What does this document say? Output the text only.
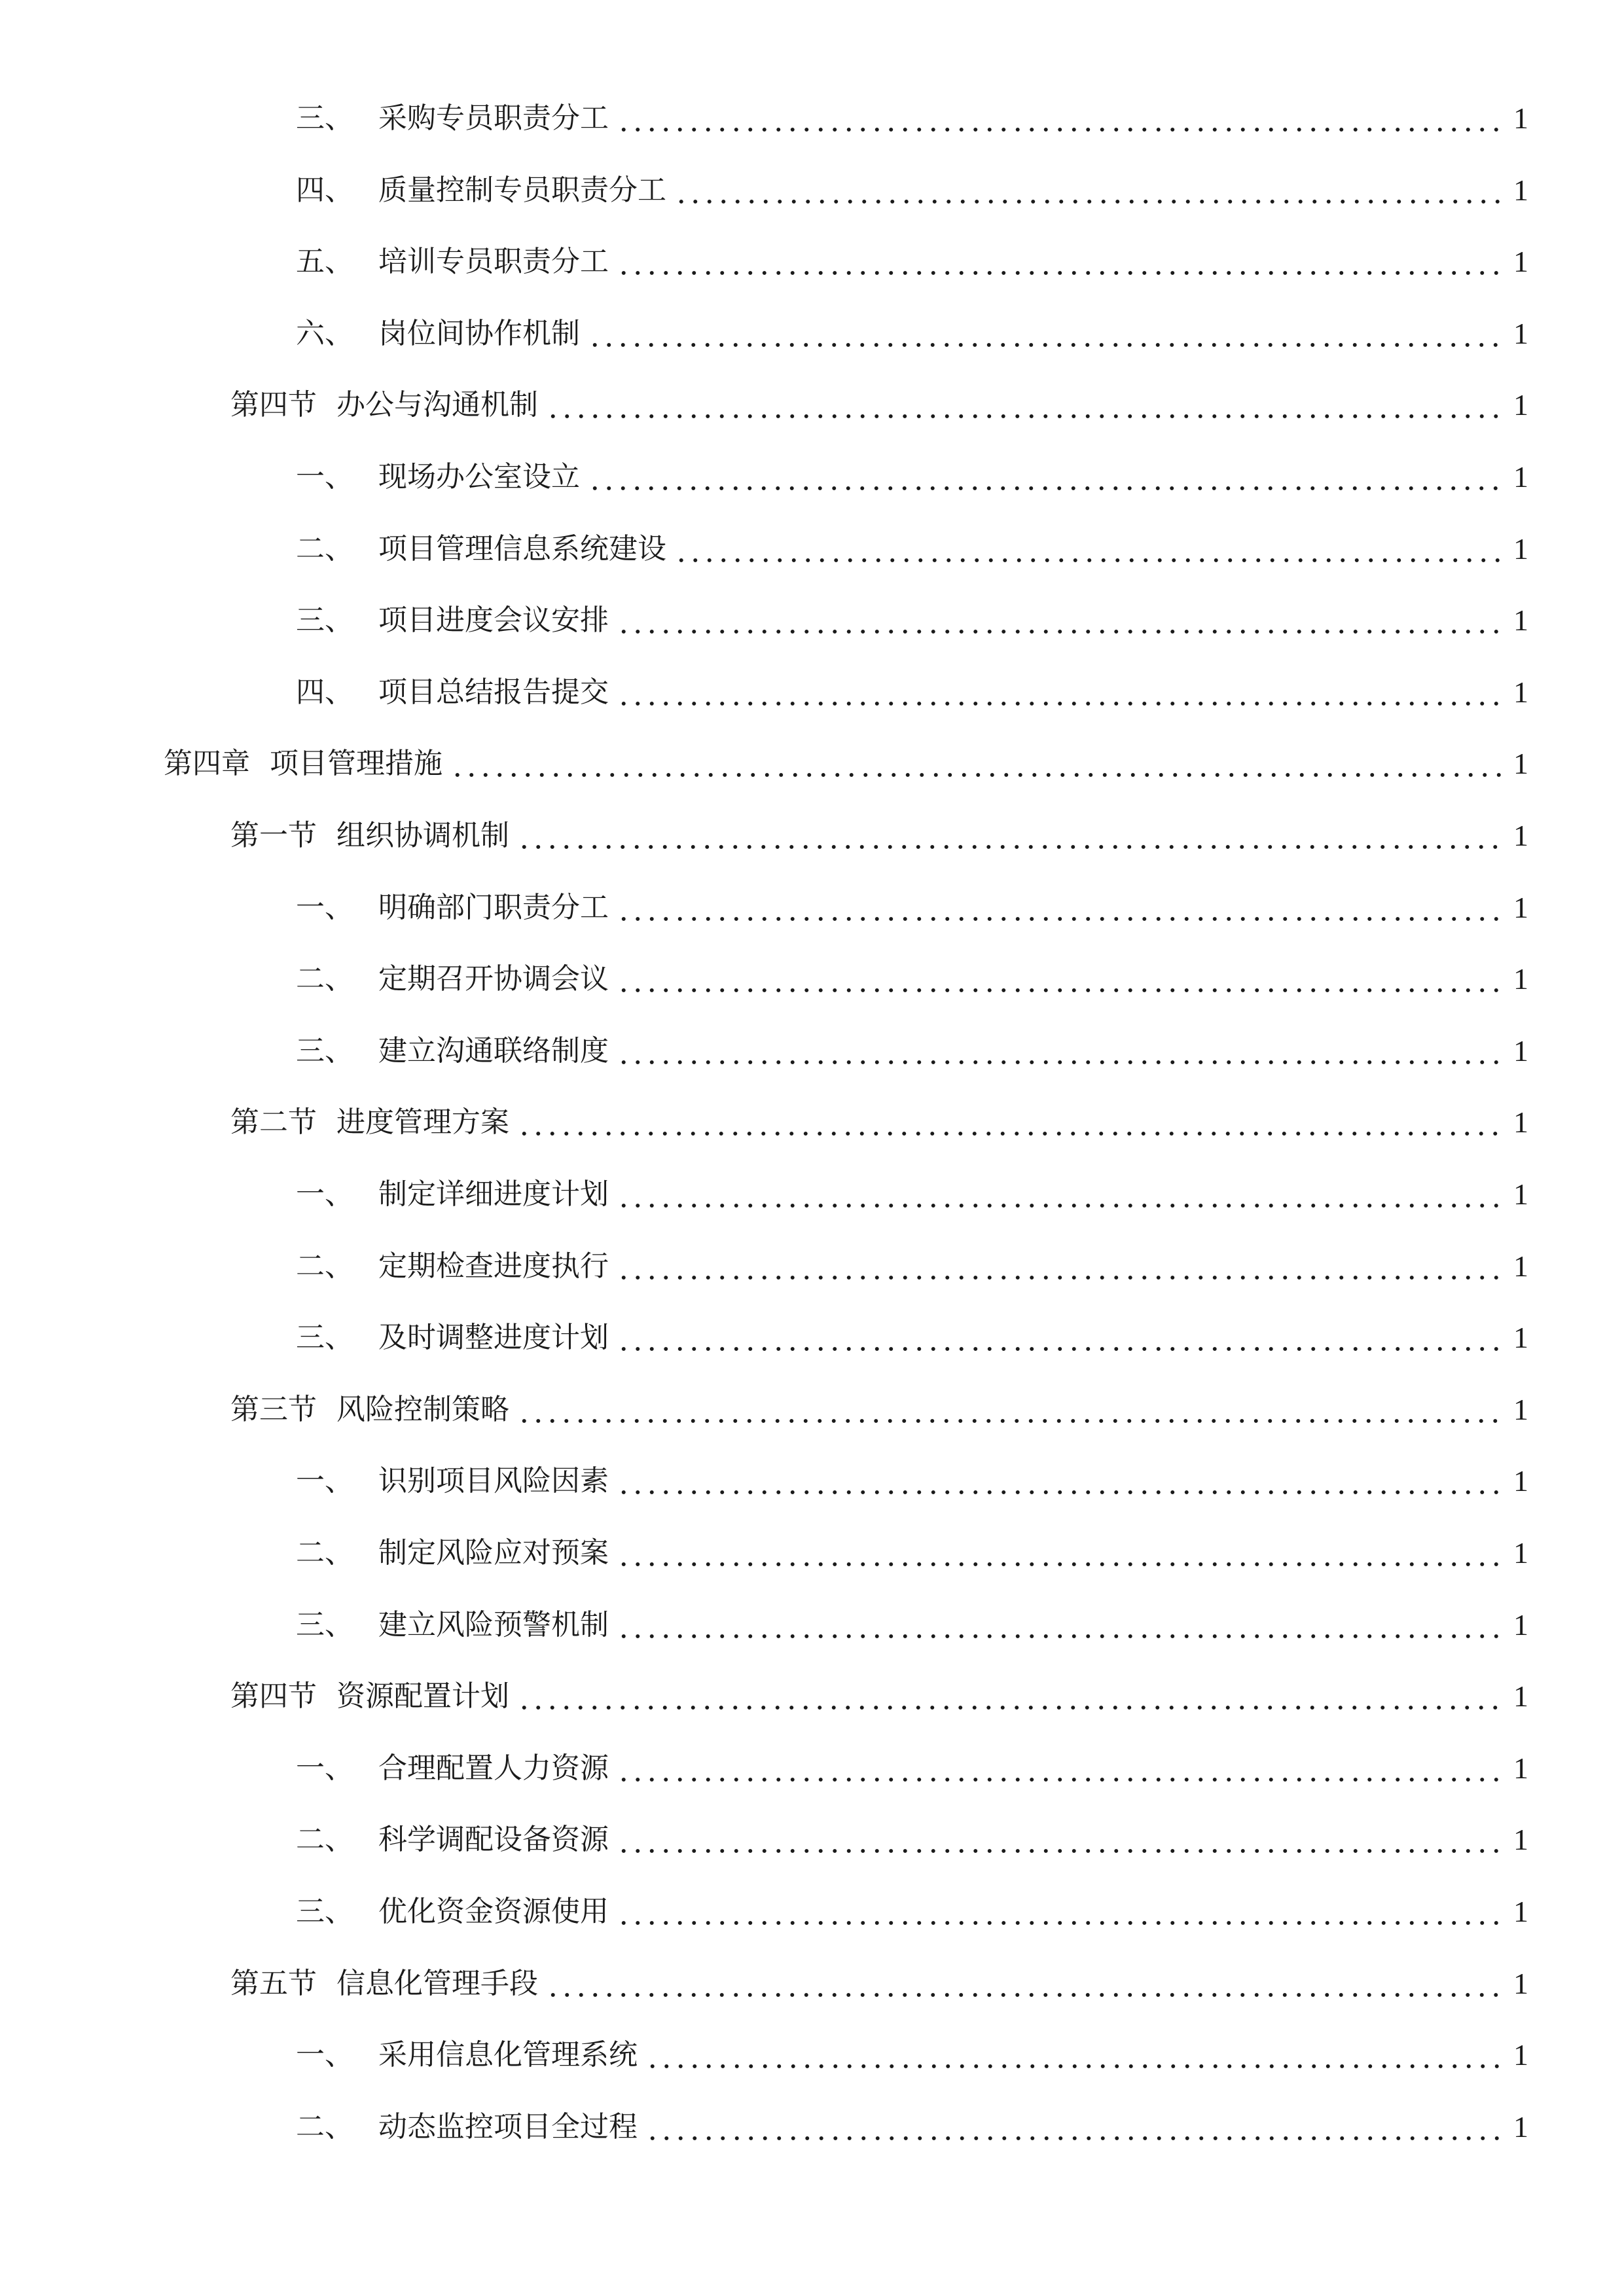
三、 采购专员职责分工	1
四、 质量控制专员职责分工	1
五、 培训专员职责分工	1
六、 岗位间协作机制	1
第四节 办公与沟通机制	1
一、 现场办公室设立	1
二、 项目管理信息系统建设	1
三、 项目进度会议安排	1
四、 项目总结报告提交	1
第四章 项目管理措施	1
第一节 组织协调机制	1
一、 明确部门职责分工	1
二、 定期召开协调会议	1
三、 建立沟通联络制度	1
第二节 进度管理方案	1
一、 制定详细进度计划	1
二、 定期检查进度执行	1
三、 及时调整进度计划	1
第三节 风险控制策略	1
一、 识别项目风险因素	1
二、 制定风险应对预案	1
三、 建立风险预警机制	1
第四节 资源配置计划	1
一、 合理配置人力资源	1
二、 科学调配设备资源	1
三、 优化资金资源使用	1
第五节 信息化管理手段	1
一、 采用信息化管理系统	1
二、 动态监控项目全过程	1
